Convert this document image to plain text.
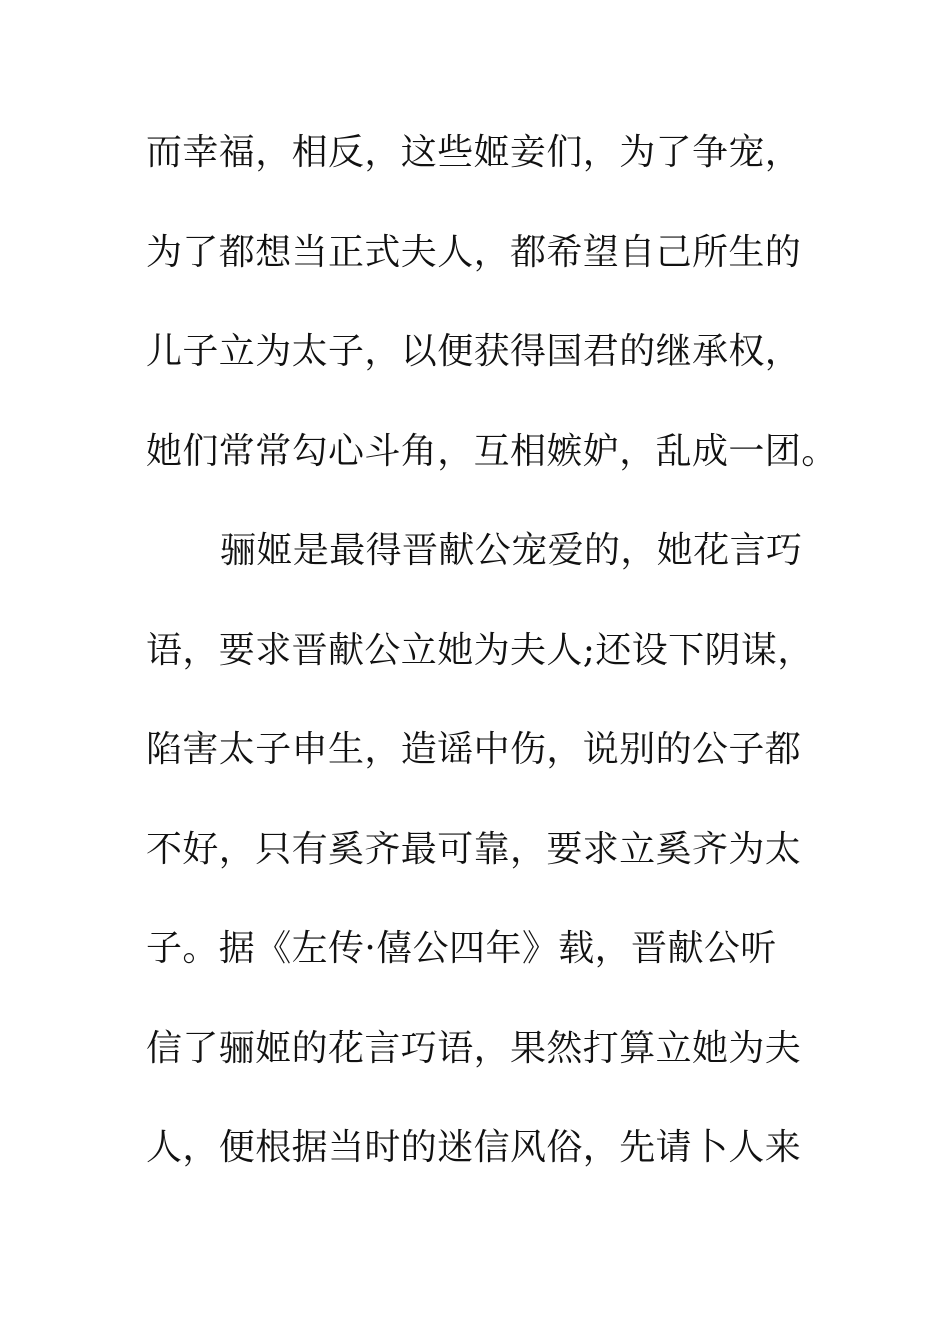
而幸福，相反，这些姬妾们，为了争宠，
为了都想当正式夫人，都希望自己所生的
儿子立为太子，以便获得国君的继承权，
她们常常勾心斗角，互相嫉妒，乱成一团。
骊姬是最得晋献公宠爱的，她花言巧
语，要求晋献公立她为夫人;还设下阴谋，
陷害太子申生，造谣中伤，说别的公子都
不好，只有奚齐最可靠，要求立奚齐为太
子。据《左传·僖公四年》载，晋献公听
信了骊姬的花言巧语，果然打算立她为夫
人，便根据当时的迷信风俗，先请卜人来
